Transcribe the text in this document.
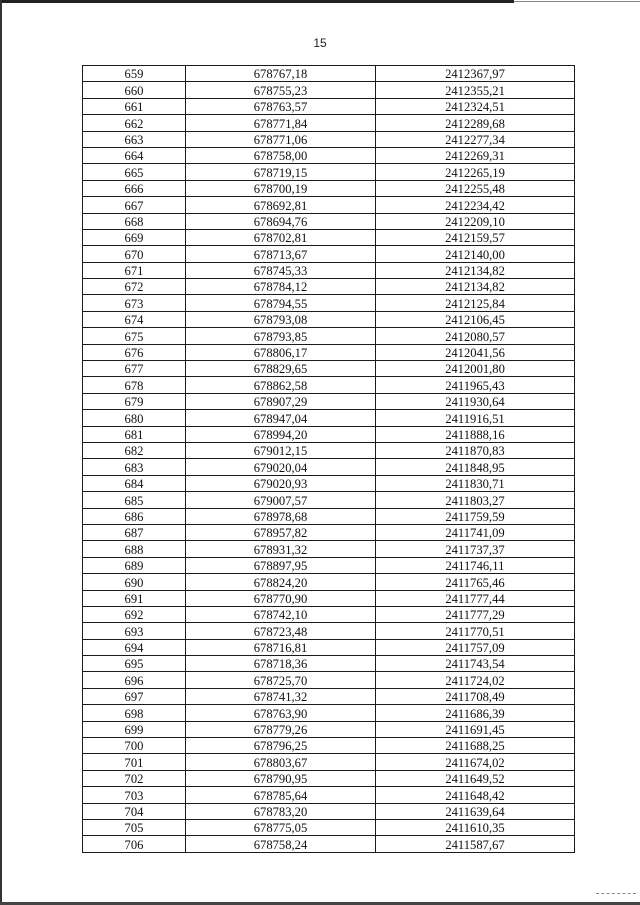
15
659	678767,18	2412367,97
660	678755,23	2412355,21
661	678763,57	2412324,51
662	678771,84	2412289,68
663	678771,06	2412277,34
664	678758,00	2412269,31
665	678719,15	2412265,19
666	678700,19	2412255,48
667	678692,81	2412234,42
668	678694,76	2412209,10
669	678702,81	2412159,57
670	678713,67	2412140,00
671	678745,33	2412134,82
672	678784,12	2412134,82
673	678794,55	2412125,84
674	678793,08	2412106,45
675	678793,85	2412080,57
676	678806,17	2412041,56
677	678829,65	2412001,80
678	678862,58	2411965,43
679	678907,29	2411930,64
680	678947,04	2411916,51
681	678994,20	2411888,16
682	679012,15	2411870,83
683	679020,04	2411848,95
684	679020,93	2411830,71
685	679007,57	2411803,27
686	678978,68	2411759,59
687	678957,82	2411741,09
688	678931,32	2411737,37
689	678897,95	2411746,11
690	678824,20	2411765,46
691	678770,90	2411777,44
692	678742,10	2411777,29
693	678723,48	2411770,51
694	678716,81	2411757,09
695	678718,36	2411743,54
696	678725,70	2411724,02
697	678741,32	2411708,49
698	678763,90	2411686,39
699	678779,26	2411691,45
700	678796,25	2411688,25
701	678803,67	2411674,02
702	678790,95	2411649,52
703	678785,64	2411648,42
704	678783,20	2411639,64
705	678775,05	2411610,35
706	678758,24	2411587,67
